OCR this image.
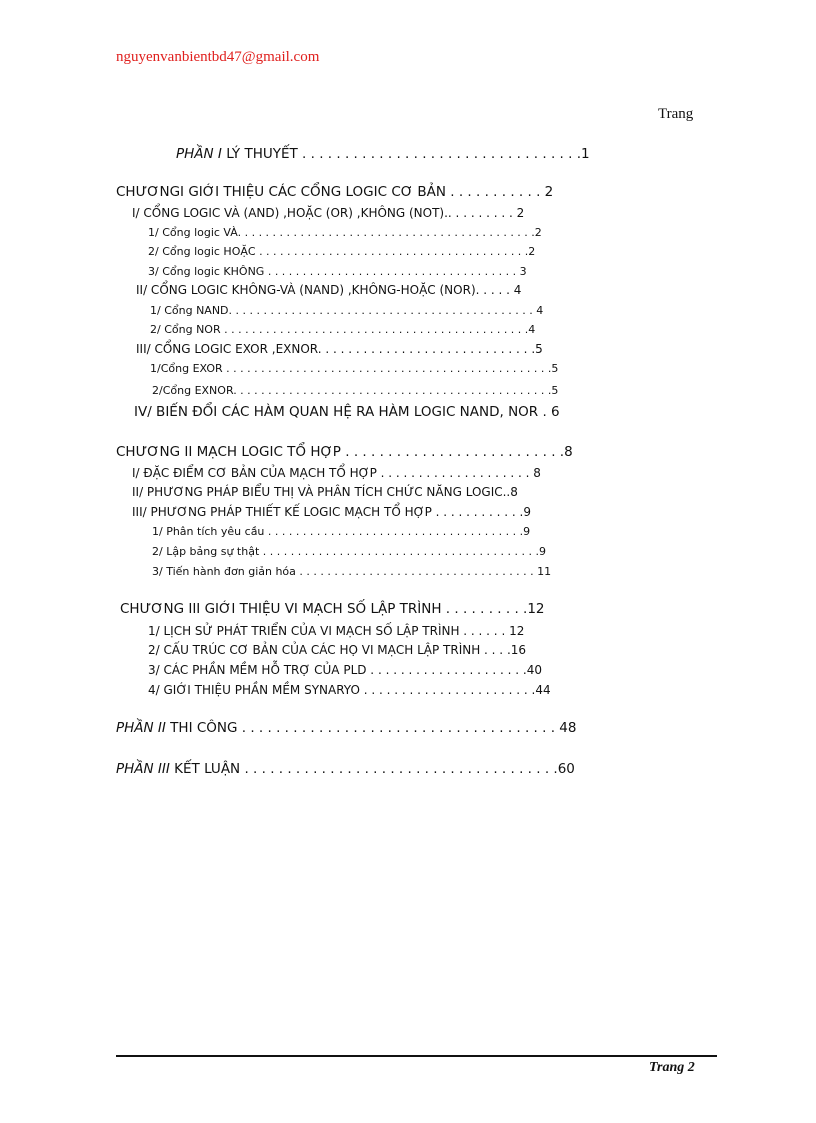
nguyenvanbientbd47@gmail.com
Trang
PHẦN I LÝ THUYẾT . . . . . . . . . . . . . . . . . . . . . . . . . . . . . . . . .1
CHƯƠNGI GIỚI THIỆU CÁC CỔNG LOGIC CƠ BẢN . . . . . . . . . . . 2
I/ CỔNG LOGIC VÀ (AND) ,HOẶC (OR) ,KHÔNG (NOT).. . . . . . . . . 2
1/ Cổng logic VÀ. . . . . . . . . . . . . . . . . . . . . . . . . . . . . . . . . . . . . . . . . . .2
2/ Cổng logic HOẶC . . . . . . . . . . . . . . . . . . . . . . . . . . . . . . . . . . . . . . .2
3/ Cổng logic KHÔNG . . . . . . . . . . . . . . . . . . . . . . . . . . . . . . . . . . . . 3
II/ CỔNG LOGIC KHÔNG-VÀ (NAND) ,KHÔNG-HOẶC (NOR). . . . . 4
1/ Cổng NAND. . . . . . . . . . . . . . . . . . . . . . . . . . . . . . . . . . . . . . . . . . . . 4
2/ Cổng NOR . . . . . . . . . . . . . . . . . . . . . . . . . . . . . . . . . . . . . . . . . . . .4
III/ CỔNG LOGIC EXOR ,EXNOR. . . . . . . . . . . . . . . . . . . . . . . . . . . . .5
1/Cổng EXOR . . . . . . . . . . . . . . . . . . . . . . . . . . . . . . . . . . . . . . . . . . . . . . .5
2/Cổng EXNOR. . . . . . . . . . . . . . . . . . . . . . . . . . . . . . . . . . . . . . . . . . . . . .5
IV/ BIẾN ĐỔI CÁC HÀM QUAN HỆ RA HÀM LOGIC NAND, NOR . 6
CHƯƠNG II MẠCH LOGIC TỔ HỢP . . . . . . . . . . . . . . . . . . . . . . . . . .8
I/ ĐẶC ĐIỂM CƠ BẢN CỦA MẠCH TỔ HỢP . . . . . . . . . . . . . . . . . . . . 8
II/ PHƯƠNG PHÁP BIỂU THỊ VÀ PHÂN TÍCH CHỨC NĂNG LOGIC..8
III/ PHƯƠNG PHÁP THIẾT KẾ LOGIC MẠCH TỔ HỢP . . . . . . . . . . . .9
1/ Phân tích yêu cầu . . . . . . . . . . . . . . . . . . . . . . . . . . . . . . . . . . . . .9
2/ Lập bảng sự thật . . . . . . . . . . . . . . . . . . . . . . . . . . . . . . . . . . . . . . . .9
3/ Tiến hành đơn giản hóa . . . . . . . . . . . . . . . . . . . . . . . . . . . . . . . . . . 11
CHƯƠNG III GIỚI THIỆU VI MẠCH SỐ LẬP TRÌNH . . . . . . . . . .12
1/ LỊCH SỬ PHÁT TRIỂN CỦA VI MẠCH SỐ LẬP TRÌNH . . . . . . 12
2/ CẤU TRÚC CƠ BẢN CỦA CÁC HỌ VI MẠCH LẬP TRÌNH . . . .16
3/ CÁC PHẦN MỀM HỖ TRỢ CỦA PLD . . . . . . . . . . . . . . . . . . . . .40
4/ GIỚI THIỆU PHẦN MỀM SYNARYO . . . . . . . . . . . . . . . . . . . . . . .44
PHẦN II THI CÔNG . . . . . . . . . . . . . . . . . . . . . . . . . . . . . . . . . . . . . 48
PHẦN III KẾT LUẬN . . . . . . . . . . . . . . . . . . . . . . . . . . . . . . . . . . . . .60
Trang 2
